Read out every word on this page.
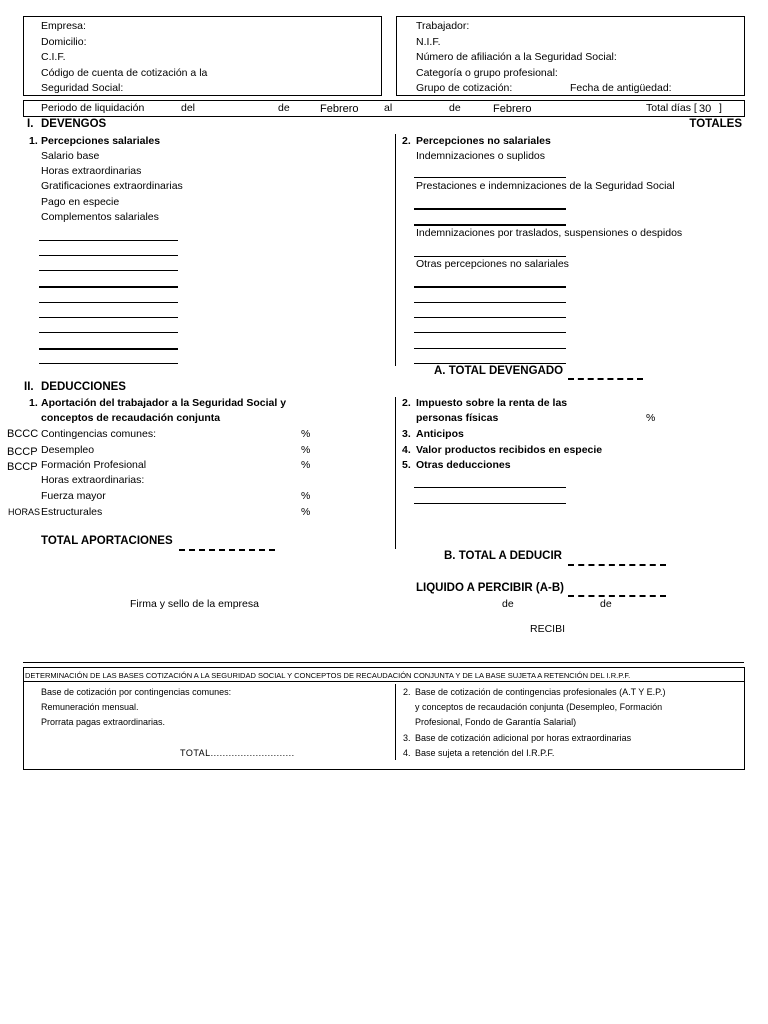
Empresa:
Domicilio:
C.I.F.
Código de cuenta de cotización a la
Seguridad Social:
Trabajador:
N.I.F.
Número de afiliación a la Seguridad Social:
Categoría o grupo profesional:
Grupo de cotización:	Fecha de antigüedad:
Periodo de liquidación	del	de	Febrero al	de	Febrero	Total días [ 30 ]
I. DEVENGOS	TOTALES
1. Percepciones salariales
Salario base
Horas extraordinarias
Gratificaciones extraordinarias
Pago en especie
Complementos salariales
2. Percepciones no salariales
Indemnizaciones o suplidos
Prestaciones e indemnizaciones de la Seguridad Social
Indemnizaciones por traslados, suspensiones o despidos
Otras percepciones no salariales
A. TOTAL DEVENGADO
II. DEDUCCIONES
1. Aportación del trabajador a la Seguridad Social y
conceptos de recaudación conjunta
BCCC Contingencias comunes:	%
BCCP Desempleo	%
BCCP Formación Profesional	%
Horas extraordinarias:
Fuerza mayor	%
HORAS Estructurales	%
2. Impuesto sobre la renta de las
personas físicas	%
3. Anticipos
4. Valor productos recibidos en especie
5. Otras deducciones
TOTAL APORTACIONES
B. TOTAL A DEDUCIR
LIQUIDO A PERCIBIR (A-B)
Firma y sello de la empresa	de	de
RECIBI
DETERMINACIÓN DE LAS BASES COTIZACIÓN A LA SEGURIDAD SOCIAL Y CONCEPTOS DE RECAUDACIÓN CONJUNTA Y DE LA BASE SUJETA A RETENCIÓN DEL I.R.P.F.
Base de cotización por contingencias comunes:
Remuneración mensual.
Prorrata pagas extraordinarias.
TOTAL............................
2. Base de cotización de contingencias profesionales (A.T Y E.P.)
y conceptos de recaudación conjunta (Desempleo, Formación
Profesional, Fondo de Garantía Salarial)
3. Base de cotización adicional por horas extraordinarias
4. Base sujeta a retención del I.R.P.F.
